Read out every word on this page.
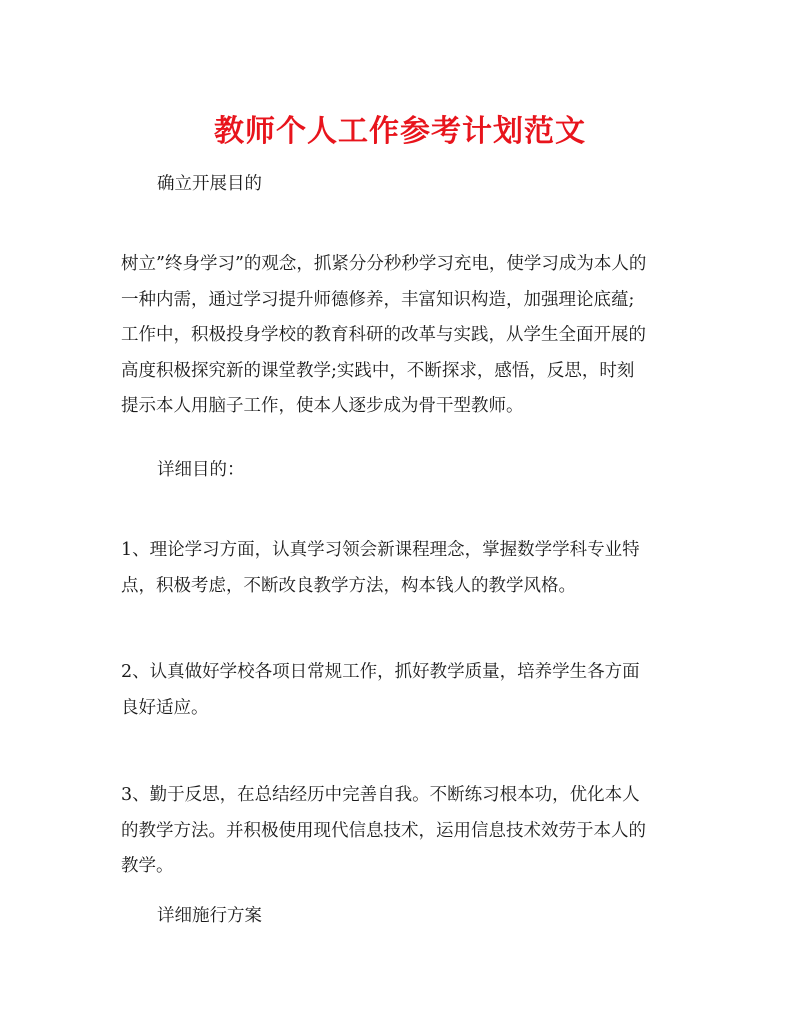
教师个人工作参考计划范文

确立开展目的

树立”终身学习”的观念，抓紧分分秒秒学习充电，使学习成为本人的
一种内需，通过学习提升师德修养，丰富知识构造，加强理论底蕴;
工作中，积极投身学校的教育科研的改革与实践，从学生全面开展的
高度积极探究新的课堂教学;实践中，不断探求，感悟，反思，时刻
提示本人用脑子工作，使本人逐步成为骨干型教师。

详细目的：

1、理论学习方面，认真学习领会新课程理念，掌握数学学科专业特
点，积极考虑，不断改良教学方法，构本钱人的教学风格。

2、认真做好学校各项日常规工作，抓好教学质量，培养学生各方面
良好适应。

3、勤于反思，在总结经历中完善自我。不断练习根本功，优化本人
的教学方法。并积极使用现代信息技术，运用信息技术效劳于本人的
教学。

详细施行方案
